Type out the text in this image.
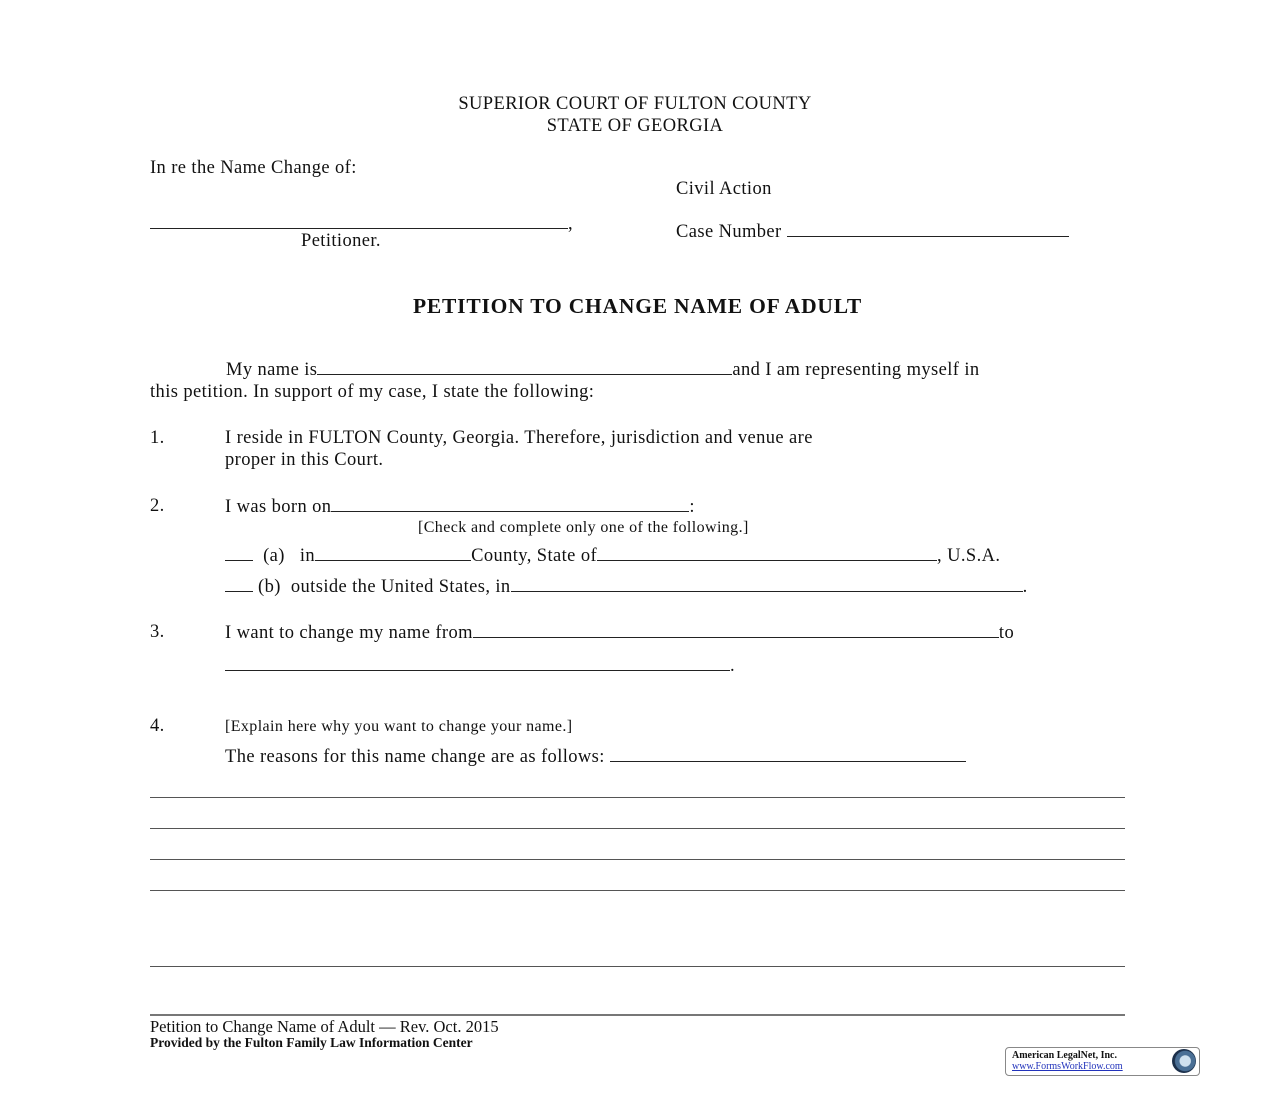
SUPERIOR COURT OF FULTON COUNTY
STATE OF GEORGIA
In re the Name Change of:
Civil Action
,
Petitioner.	Case Number
PETITION TO CHANGE NAME OF ADULT
My name is	and I am representing myself in
this petition. In support of my case, I state the following:
1.	I reside in FULTON County, Georgia. Therefore, jurisdiction and venue are
proper in this Court.
2.	I was born on	:
[Check and complete only one of the following.]
(a) in	County, State of	, U.S.A.
(b) outside the United States, in	.
3.	I want to change my name from	to
.
4.	[Explain here why you want to change your name.]
The reasons for this name change are as follows:
Petition to Change Name of Adult — Rev. Oct. 2015
Provided by the Fulton Family Law Information Center
American LegalNet, Inc.
www.FormsWorkFlow.com
